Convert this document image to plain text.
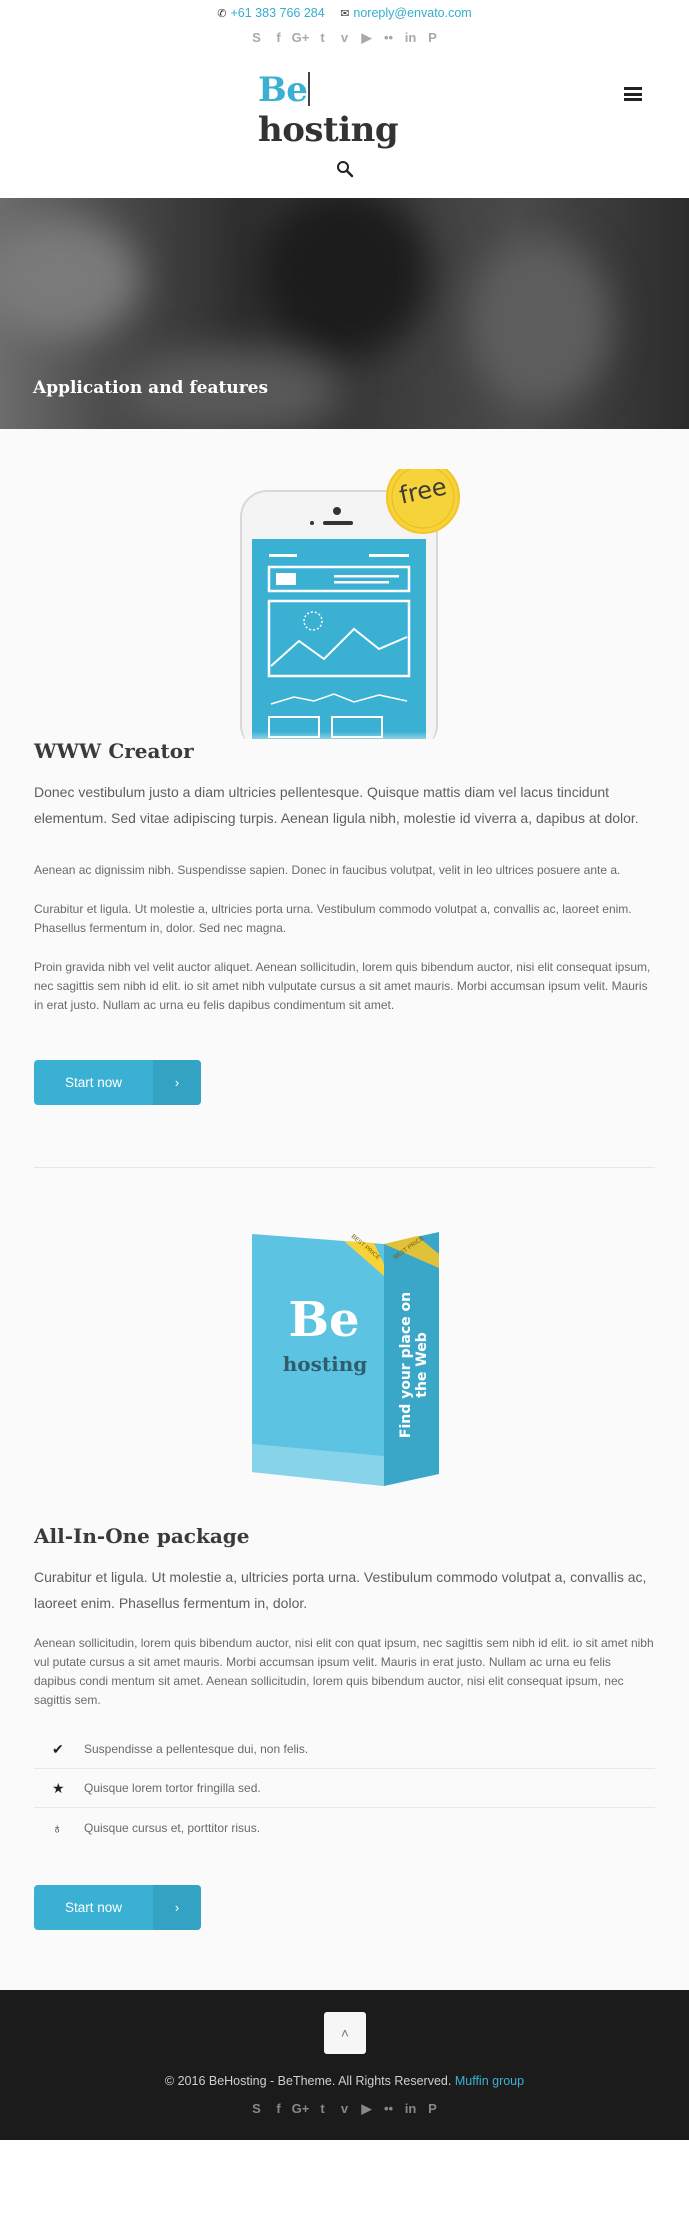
✆ +61 383 766 284 ✉ noreply@envato.com
S f G+ t v ▶ •• in P
Behosting
Application and features
free
WWW Creator

Donec vestibulum justo a diam ultricies pellentesque. Quisque mattis diam vel lacus tincidunt elementum. Sed vitae adipiscing turpis. Aenean ligula nibh, molestie id viverra a, dapibus at dolor.

Aenean ac dignissim nibh. Suspendisse sapien. Donec in faucibus volutpat, velit in leo ultrices posuere ante a.

Curabitur et ligula. Ut molestie a, ultricies porta urna. Vestibulum commodo volutpat a, convallis ac, laoreet enim. Phasellus fermentum in, dolor. Sed nec magna.

Proin gravida nibh vel velit auctor aliquet. Aenean sollicitudin, lorem quis bibendum auctor, nisi elit consequat ipsum, nec sagittis sem nibh id elit. io sit amet nibh vulputate cursus a sit amet mauris. Morbi accumsan ipsum velit. Mauris in erat justo. Nullam ac urna eu felis dapibus condimentum sit amet.

Start now	›
Be
hosting	Find your place on the Web
BEST PRICE	BEST PRICE
All-In-One package

Curabitur et ligula. Ut molestie a, ultricies porta urna. Vestibulum commodo volutpat a, convallis ac, laoreet enim. Phasellus fermentum in, dolor.

Aenean sollicitudin, lorem quis bibendum auctor, nisi elit con quat ipsum, nec sagittis sem nibh id elit. io sit amet nibh vul putate cursus a sit amet mauris. Morbi accumsan ipsum velit. Mauris in erat justo. Nullam ac urna eu felis dapibus condi mentum sit amet. Aenean sollicitudin, lorem quis bibendum auctor, nisi elit consequat ipsum, nec sagittis sem.

✔	Suspendisse a pellentesque dui, non felis.
★	Quisque lorem tortor fringilla sed.
♁	Quisque cursus et, porttitor risus.
Start now	›
˄
© 2016 BeHosting - BeTheme. All Rights Reserved. Muffin group
S f G+ t v ▶ •• in P
